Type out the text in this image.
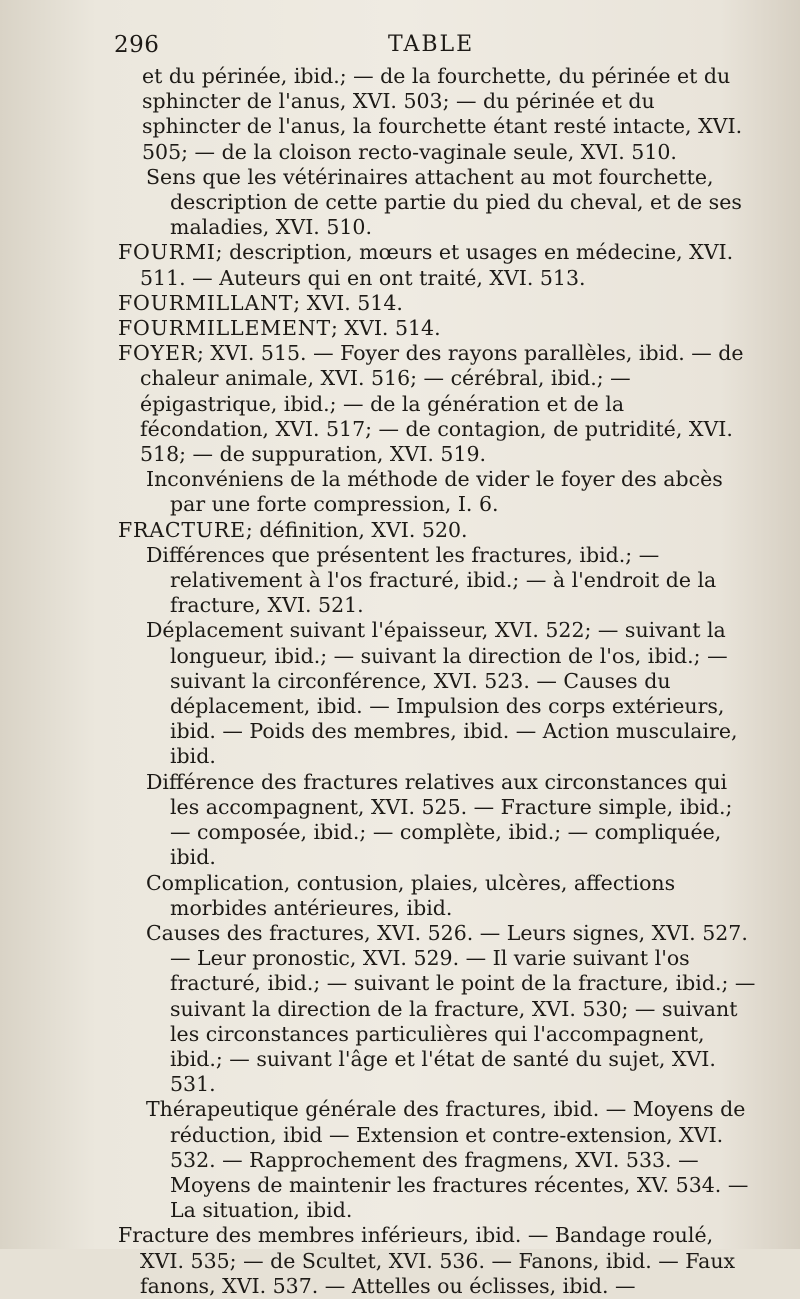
296	TABLE

et du périnée, ibid.; — de la fourchette, du périnée et du sphincter de l'anus, XVI. 503; — du périnée et du sphincter de l'anus, la fourchette étant resté intacte, XVI. 505; — de la cloison recto-vaginale seule, XVI. 510.

Sens que les vétérinaires attachent au mot fourchette, description de cette partie du pied du cheval, et de ses maladies, XVI. 510.

FOURMI; description, mœurs et usages en médecine, XVI. 511. — Auteurs qui en ont traité, XVI. 513.

FOURMILLANT; XVI. 514.

FOURMILLEMENT; XVI. 514.

FOYER; XVI. 515. — Foyer des rayons parallèles, ibid. — de chaleur animale, XVI. 516; — cérébral, ibid.; — épigastrique, ibid.; — de la génération et de la fécondation, XVI. 517; — de contagion, de putridité, XVI. 518; — de suppuration, XVI. 519.

Inconvéniens de la méthode de vider le foyer des abcès par une forte compression, I. 6.

FRACTURE; définition, XVI. 520.

Différences que présentent les fractures, ibid.; — relativement à l'os fracturé, ibid.; — à l'endroit de la fracture, XVI. 521.

Déplacement suivant l'épaisseur, XVI. 522; — suivant la longueur, ibid.; — suivant la direction de l'os, ibid.; — suivant la circonférence, XVI. 523. — Causes du déplacement, ibid. — Impulsion des corps extérieurs, ibid. — Poids des membres, ibid. — Action musculaire, ibid.

Différence des fractures relatives aux circonstances qui les accompagnent, XVI. 525. — Fracture simple, ibid.; — composée, ibid.; — complète, ibid.; — compliquée, ibid.

Complication, contusion, plaies, ulcères, affections morbides antérieures, ibid.

Causes des fractures, XVI. 526. — Leurs signes, XVI. 527. — Leur pronostic, XVI. 529. — Il varie suivant l'os fracturé, ibid.; — suivant le point de la fracture, ibid.; — suivant la direction de la fracture, XVI. 530; — suivant les circonstances particulières qui l'accompagnent, ibid.; — suivant l'âge et l'état de santé du sujet, XVI. 531.

Thérapeutique générale des fractures, ibid. — Moyens de réduction, ibid — Extension et contre-extension, XVI. 532. — Rapprochement des fragmens, XVI. 533. — Moyens de maintenir les fractures récentes, XV. 534. — La situation, ibid.

Fracture des membres inférieurs, ibid. — Bandage roulé, XVI. 535; — de Scultet, XVI. 536. — Fanons, ibid. — Faux fanons, XVI. 537. — Attelles ou éclisses, ibid. —
